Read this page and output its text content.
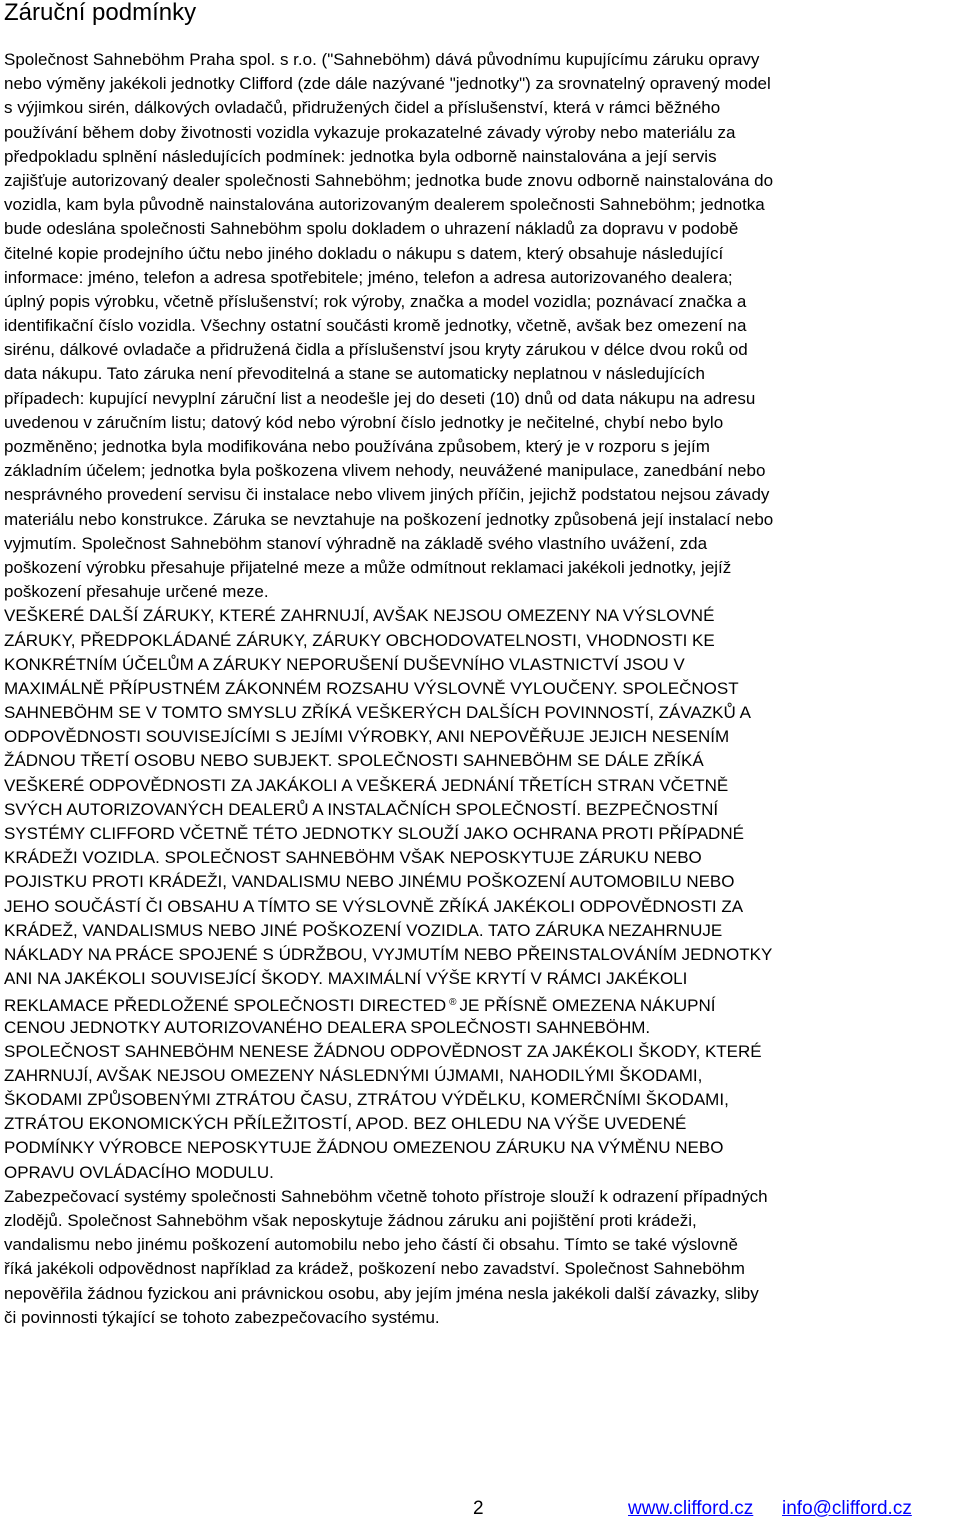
Záruční podmínky
Společnost Sahneböhm Praha spol. s r.o. ("Sahneböhm) dává původnímu kupujícímu záruku opravy
nebo výměny jakékoli jednotky Clifford (zde dále nazývané "jednotky") za srovnatelný opravený model
s výjimkou sirén, dálkových ovladačů, přidružených čidel a příslušenství, která v rámci běžného
používání během doby životnosti vozidla vykazuje prokazatelné závady výroby nebo materiálu za
předpokladu splnění následujících podmínek: jednotka byla odborně nainstalována a její servis
zajišťuje autorizovaný dealer společnosti Sahneböhm; jednotka bude znovu odborně nainstalována do
vozidla, kam byla původně nainstalována autorizovaným dealerem společnosti Sahneböhm; jednotka
bude odeslána společnosti Sahneböhm spolu dokladem o uhrazení nákladů za dopravu v podobě
čitelné kopie prodejního účtu nebo jiného dokladu o nákupu s datem, který obsahuje následující
informace: jméno, telefon a adresa spotřebitele; jméno, telefon a adresa autorizovaného dealera;
úplný popis výrobku, včetně příslušenství; rok výroby, značka a model vozidla; poznávací značka a
identifikační číslo vozidla. Všechny ostatní součásti kromě jednotky, včetně, avšak bez omezení na
sirénu, dálkové ovladače a přidružená čidla a příslušenství jsou kryty zárukou v délce dvou roků od
data nákupu. Tato záruka není převoditelná a stane se automaticky neplatnou v následujících
případech: kupující nevyplní záruční list a neodešle jej do deseti (10) dnů od data nákupu na adresu
uvedenou v záručním listu; datový kód nebo výrobní číslo jednotky je nečitelné, chybí nebo bylo
pozměněno; jednotka byla modifikována nebo používána způsobem, který je v rozporu s jejím
základním účelem; jednotka byla poškozena vlivem nehody, neuvážené manipulace, zanedbání nebo
nesprávného provedení servisu či instalace nebo vlivem jiných příčin, jejichž podstatou nejsou závady
materiálu nebo konstrukce. Záruka se nevztahuje na poškození jednotky způsobená její instalací nebo
vyjmutím. Společnost Sahneböhm stanoví výhradně na základě svého vlastního uvážení, zda
poškození výrobku přesahuje přijatelné meze a může odmítnout reklamaci jakékoli jednotky, jejíž
poškození přesahuje určené meze.
VEŠKERÉ DALŠÍ ZÁRUKY, KTERÉ ZAHRNUJÍ, AVŠAK NEJSOU OMEZENY NA VÝSLOVNÉ
ZÁRUKY, PŘEDPOKLÁDANÉ ZÁRUKY, ZÁRUKY OBCHODOVATELNOSTI, VHODNOSTI KE
KONKRÉTNÍM ÚČELŮM A ZÁRUKY NEPORUŠENÍ DUŠEVNÍHO VLASTNICTVÍ JSOU V
MAXIMÁLNĚ PŘÍPUSTNÉM ZÁKONNÉM ROZSAHU VÝSLOVNĚ VYLOUČENY. SPOLEČNOST
SAHNEBÖHM SE V TOMTO SMYSLU ZŘÍKÁ VEŠKERÝCH DALŠÍCH POVINNOSTÍ, ZÁVAZKŮ A
ODPOVĚDNOSTI SOUVISEJÍCÍMI S JEJÍMI VÝROBKY, ANI NEPOVĚŘUJE JEJICH NESENÍM
ŽÁDNOU TŘETÍ OSOBU NEBO SUBJEKT. SPOLEČNOSTI SAHNEBÖHM SE DÁLE ZŘÍKÁ
VEŠKERÉ ODPOVĚDNOSTI ZA JAKÁKOLI A VEŠKERÁ JEDNÁNÍ TŘETÍCH STRAN VČETNĚ
SVÝCH AUTORIZOVANÝCH DEALERŮ A INSTALAČNÍCH SPOLEČNOSTÍ. BEZPEČNOSTNÍ
SYSTÉMY CLIFFORD VČETNĚ TÉTO JEDNOTKY SLOUŽÍ JAKO OCHRANA PROTI PŘÍPADNÉ
KRÁDEŽI VOZIDLA. SPOLEČNOST SAHNEBÖHM VŠAK NEPOSKYTUJE ZÁRUKU NEBO
POJISTKU PROTI KRÁDEŽI, VANDALISMU NEBO JINÉMU POŠKOZENÍ AUTOMOBILU NEBO
JEHO SOUČÁSTÍ ČI OBSAHU A TÍMTO SE VÝSLOVNĚ ZŘÍKÁ JAKÉKOLI ODPOVĚDNOSTI ZA
KRÁDEŽ, VANDALISMUS NEBO JINÉ POŠKOZENÍ VOZIDLA. TATO ZÁRUKA NEZAHRNUJE
NÁKLADY NA PRÁCE SPOJENÉ S ÚDRŽBOU, VYJMUTÍM NEBO PŘEINSTALOVÁNÍM JEDNOTKY
ANI NA JAKÉKOLI SOUVISEJÍCÍ ŠKODY. MAXIMÁLNÍ VÝŠE KRYTÍ V RÁMCI JAKÉKOLI
REKLAMACE PŘEDLOŽENÉ SPOLEČNOSTI DIRECTED ® JE PŘÍSNĚ OMEZENA NÁKUPNÍ
CENOU JEDNOTKY AUTORIZOVANÉHO DEALERA SPOLEČNOSTI SAHNEBÖHM.
SPOLEČNOST SAHNEBÖHM NENESE ŽÁDNOU ODPOVĚDNOST ZA JAKÉKOLI ŠKODY, KTERÉ
ZAHRNUJÍ, AVŠAK NEJSOU OMEZENY NÁSLEDNÝMI ÚJMAMI, NAHODILÝMI ŠKODAMI,
ŠKODAMI ZPŮSOBENÝMI ZTRÁTOU ČASU, ZTRÁTOU VÝDĚLKU, KOMERČNÍMI ŠKODAMI,
ZTRÁTOU EKONOMICKÝCH PŘÍLEŽITOSTÍ, APOD. BEZ OHLEDU NA VÝŠE UVEDENÉ
PODMÍNKY VÝROBCE NEPOSKYTUJE ŽÁDNOU OMEZENOU ZÁRUKU NA VÝMĚNU NEBO
OPRAVU OVLÁDACÍHO MODULU.
Zabezpečovací systémy společnosti Sahneböhm včetně tohoto přístroje slouží k odrazení případných
zlodějů. Společnost Sahneböhm však neposkytuje žádnou záruku ani pojištění proti krádeži,
vandalismu nebo jinému poškození automobilu nebo jeho částí či obsahu. Tímto se také výslovně
říká jakékoli odpovědnost například za krádež, poškození nebo zavadství. Společnost Sahneböhm
nepověřila žádnou fyzickou ani právnickou osobu, aby jejím jména nesla jakékoli další závazky, sliby
či povinnosti týkající se tohoto zabezpečovacího systému.
2	www.clifford.cz info@clifford.cz
